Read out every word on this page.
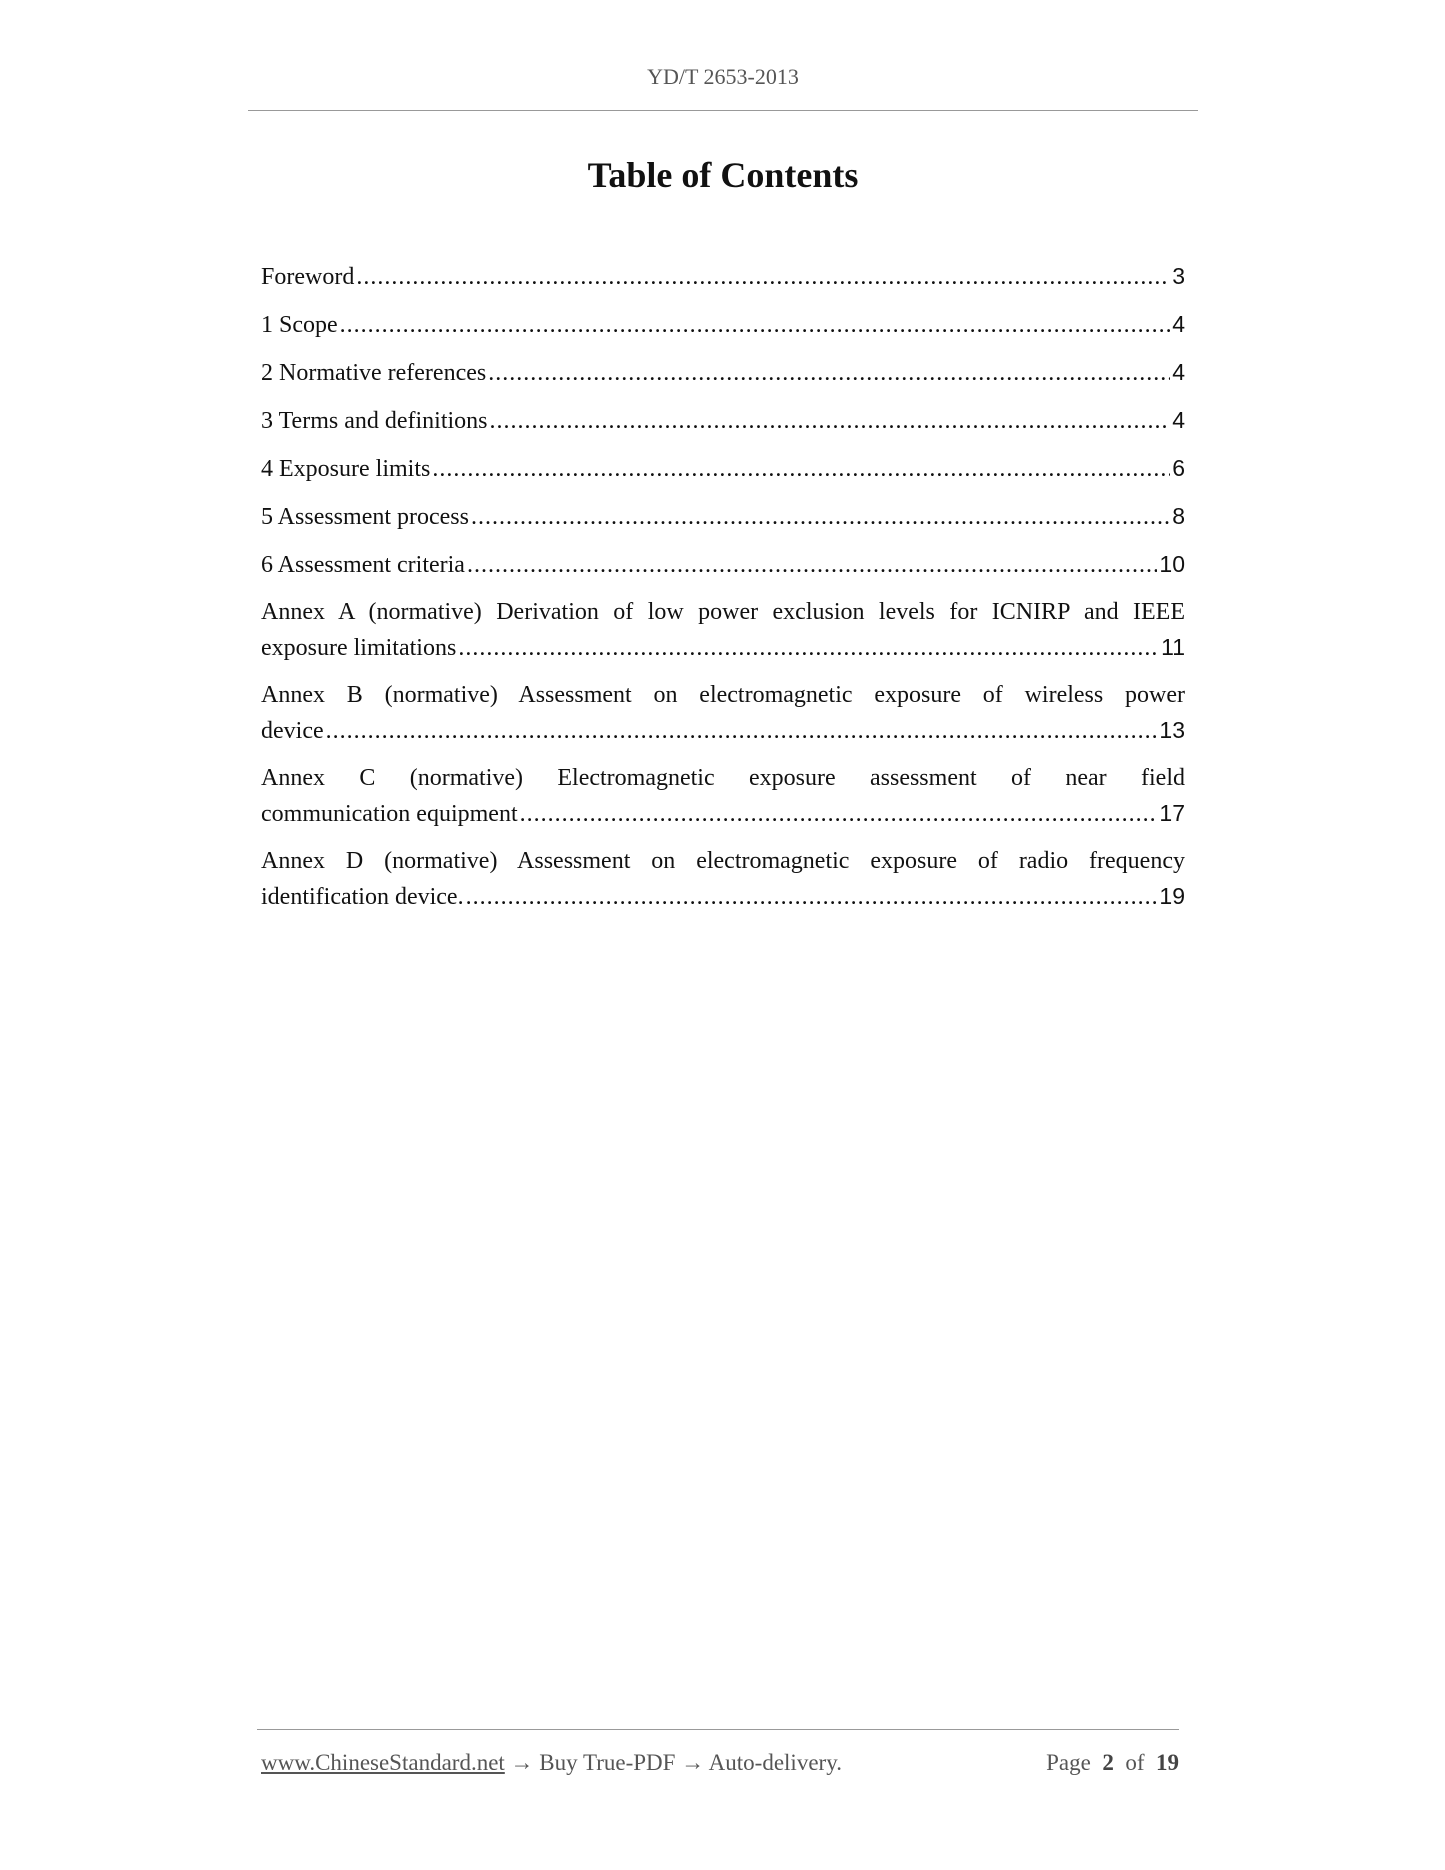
YD/T 2653-2013
Table of Contents
Foreword .....	3
1 Scope .....	4
2 Normative references .....	4
3 Terms and definitions .....	4
4 Exposure limits .....	6
5 Assessment process .....	8
6 Assessment criteria .....	10
Annex A (normative) Derivation of low power exclusion levels for ICNIRP and IEEE
exposure limitations .....	11
Annex B (normative) Assessment on electromagnetic exposure of wireless power
device .....	13
Annex C (normative) Electromagnetic exposure assessment of near field
communication equipment .....	17
Annex D (normative) Assessment on electromagnetic exposure of radio frequency
identification device. .....	19
www.ChineseStandard.net → Buy True-PDF → Auto-delivery.	Page 2 of 19
